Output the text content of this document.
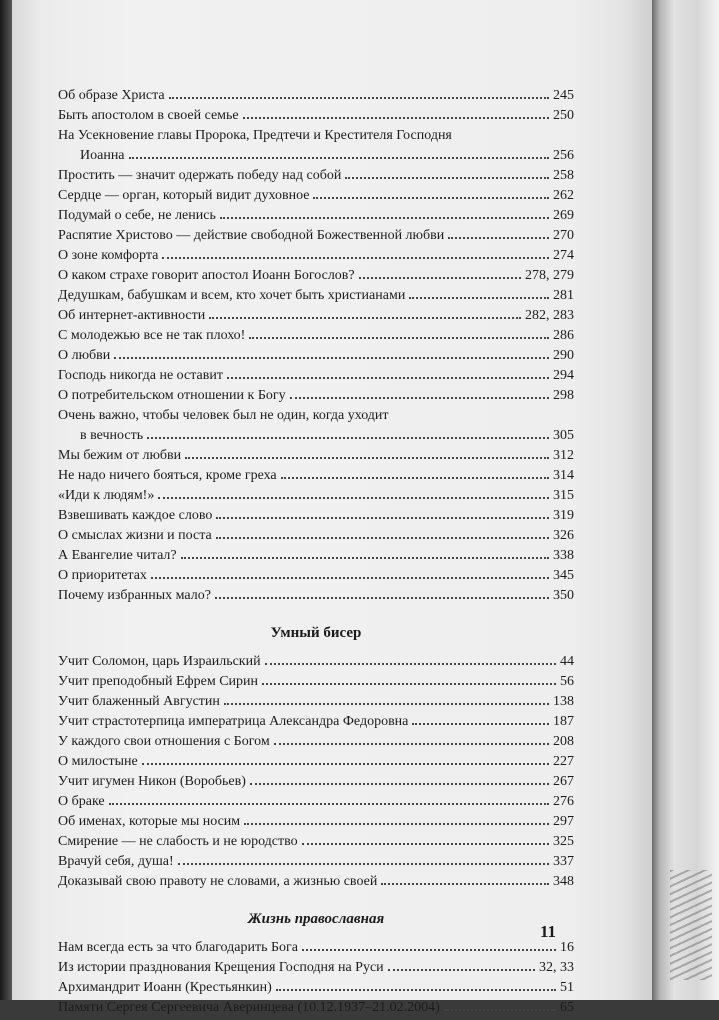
Об образе Христа	245
Быть апостолом в своей семье	250
На Усекновение главы Пророка, Предтечи и Крестителя Господня
Иоанна	256
Простить — значит одержать победу над собой	258
Сердце — орган, который видит духовное	262
Подумай о себе, не ленись	269
Распятие Христово — действие свободной Божественной любви	270
О зоне комфорта	274
О каком страхе говорит апостол Иоанн Богослов?	278, 279
Дедушкам, бабушкам и всем, кто хочет быть христианами	281
Об интернет-активности	282, 283
С молодежью все не так плохо!	286
О любви	290
Господь никогда не оставит	294
О потребительском отношении к Богу	298
Очень важно, чтобы человек был не один, когда уходит
в вечность	305
Мы бежим от любви	312
Не надо ничего бояться, кроме греха	314
«Иди к людям!»	315
Взвешивать каждое слово	319
О смыслах жизни и поста	326
А Евангелие читал?	338
О приоритетах	345
Почему избранных мало?	350
Умный бисер
Учит Соломон, царь Израильский	44
Учит преподобный Ефрем Сирин	56
Учит блаженный Августин	138
Учит страстотерпица императрица Александра Федоровна	187
У каждого свои отношения с Богом	208
О милостыне	227
Учит игумен Никон (Воробьев)	267
О браке	276
Об именах, которые мы носим	297
Смирение — не слабость и не юродство	325
Врачуй себя, душа!	337
Доказывай свою правоту не словами, а жизнью своей	348
Жизнь православная
Нам всегда есть за что благодарить Бога	16
Из истории празднования Крещения Господня на Руси	32, 33
Архимандрит Иоанн (Крестьянкин)	51
Памяти Сергея Сергеевича Аверинцева (10.12.1937–21.02.2004)	65
11
